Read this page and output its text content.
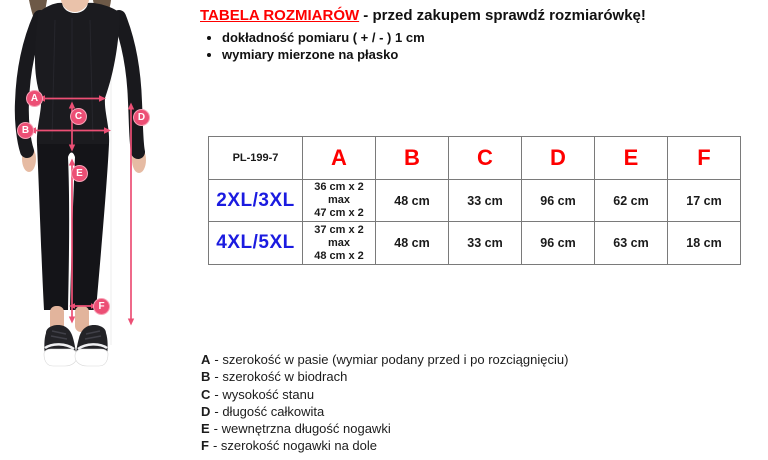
A
B
C	D
E
F
TABELA ROZMIARÓW - przed zakupem sprawdź rozmiarówkę!
• dokładność pomiaru ( + / - ) 1 cm
• wymiary mierzone na płasko
PL-199-7	A	B	C	D	E	F
2XL/3XL	36 cm x 2
max
47 cm x 2	48 cm	33 cm	96 cm	62 cm	17 cm
4XL/5XL	37 cm x 2
max
48 cm x 2	48 cm	33 cm	96 cm	63 cm	18 cm
A - szerokość w pasie (wymiar podany przed i po rozciągnięciu)
B - szerokość w biodrach
C - wysokość stanu
D - długość całkowita
E - wewnętrzna długość nogawki
F - szerokość nogawki na dole
